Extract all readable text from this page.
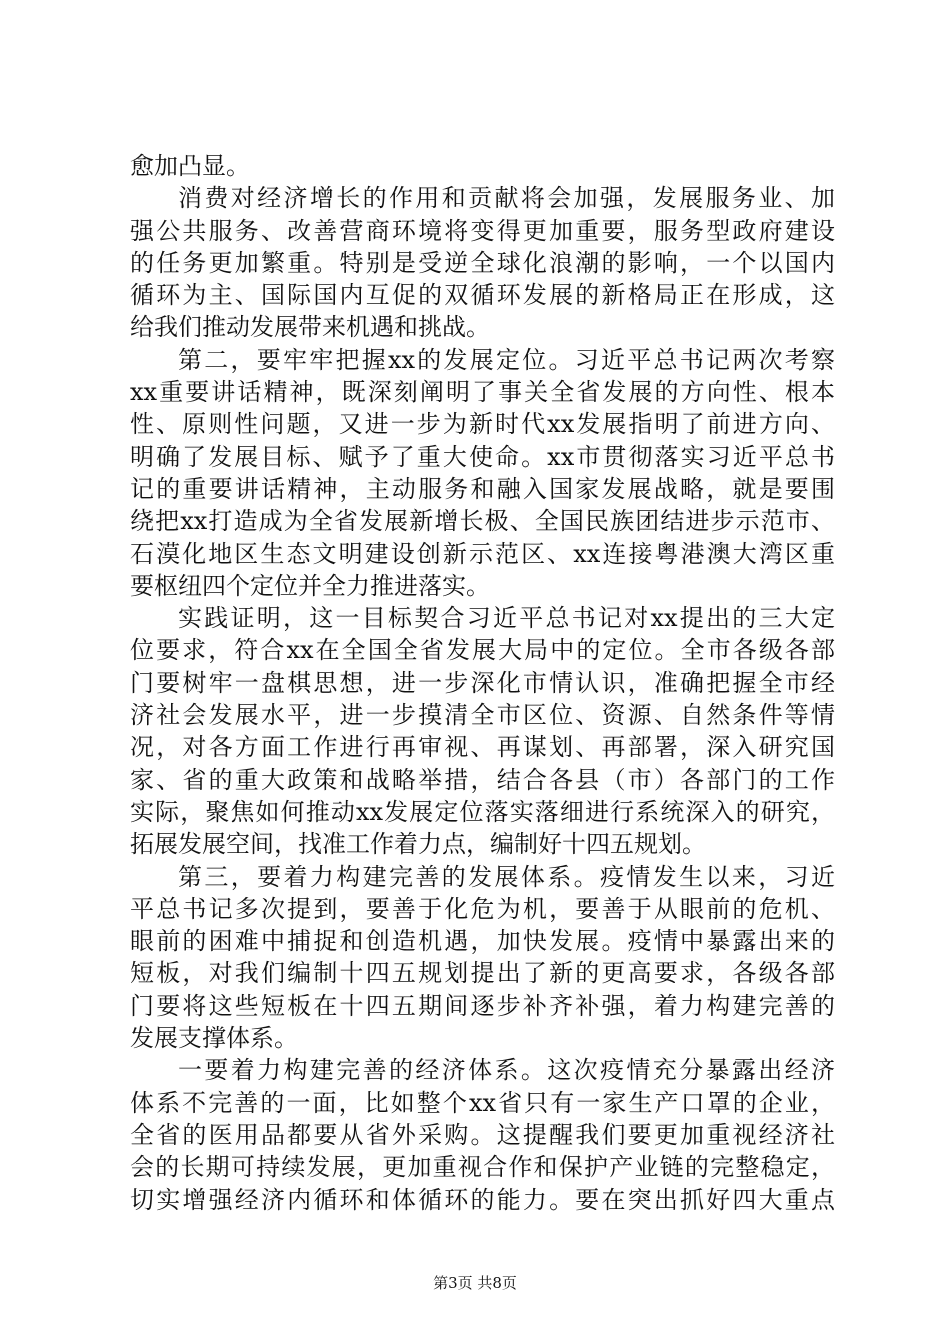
愈加凸显。
消费对经济增长的作用和贡献将会加强，发展服务业、加
强公共服务、改善营商环境将变得更加重要，服务型政府建设
的任务更加繁重。特别是受逆全球化浪潮的影响，一个以国内
循环为主、国际国内互促的双循环发展的新格局正在形成，这
给我们推动发展带来机遇和挑战。
第二，要牢牢把握xx的发展定位。习近平总书记两次考察
xx重要讲话精神，既深刻阐明了事关全省发展的方向性、根本
性、原则性问题，又进一步为新时代xx发展指明了前进方向、
明确了发展目标、赋予了重大使命。xx市贯彻落实习近平总书
记的重要讲话精神，主动服务和融入国家发展战略，就是要围
绕把xx打造成为全省发展新增长极、全国民族团结进步示范市、
石漠化地区生态文明建设创新示范区、xx连接粤港澳大湾区重
要枢纽四个定位并全力推进落实。
实践证明，这一目标契合习近平总书记对xx提出的三大定
位要求，符合xx在全国全省发展大局中的定位。全市各级各部
门要树牢一盘棋思想，进一步深化市情认识，准确把握全市经
济社会发展水平，进一步摸清全市区位、资源、自然条件等情
况，对各方面工作进行再审视、再谋划、再部署，深入研究国
家、省的重大政策和战略举措，结合各县（市）各部门的工作
实际，聚焦如何推动xx发展定位落实落细进行系统深入的研究，
拓展发展空间，找准工作着力点，编制好十四五规划。
第三，要着力构建完善的发展体系。疫情发生以来，习近
平总书记多次提到，要善于化危为机，要善于从眼前的危机、
眼前的困难中捕捉和创造机遇，加快发展。疫情中暴露出来的
短板，对我们编制十四五规划提出了新的更高要求，各级各部
门要将这些短板在十四五期间逐步补齐补强，着力构建完善的
发展支撑体系。
一要着力构建完善的经济体系。这次疫情充分暴露出经济
体系不完善的一面，比如整个xx省只有一家生产口罩的企业，
全省的医用品都要从省外采购。这提醒我们要更加重视经济社
会的长期可持续发展，更加重视合作和保护产业链的完整稳定，
切实增强经济内循环和体循环的能力。要在突出抓好四大重点
第3页 共8页
